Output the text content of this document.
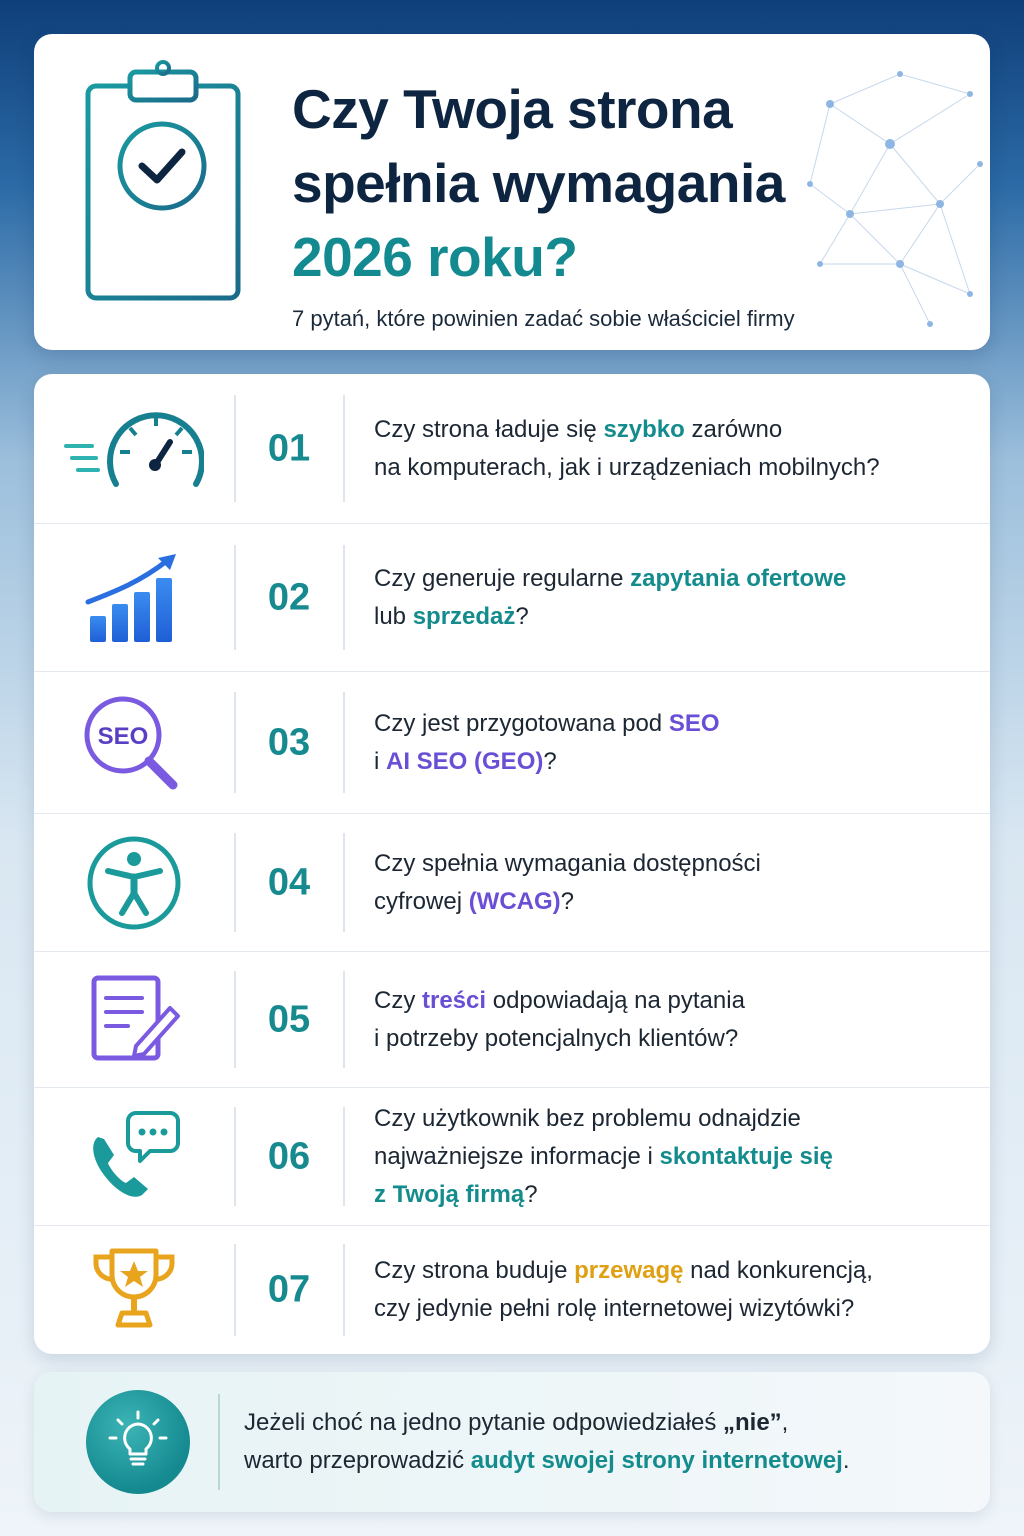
Czy Twoja strona
spełnia wymagania
2026 roku?
7 pytań, które powinien zadać sobie właściciel firmy
01	Czy strona ładuje się szybko zarówno
na komputerach, jak i urządzeniach mobilnych?
02	Czy generuje regularne zapytania ofertowe
lub sprzedaż?
SEO	03	Czy jest przygotowana pod SEO
i AI SEO (GEO)?
04	Czy spełnia wymagania dostępności
cyfrowej (WCAG)?
05	Czy treści odpowiadają na pytania
i potrzeby potencjalnych klientów?
06
Czy użytkownik bez problemu odnajdzie
najważniejsze informacje i skontaktuje się
z Twoją firmą?
07	Czy strona buduje przewagę nad konkurencją,
czy jedynie pełni rolę internetowej wizytówki?
Jeżeli choć na jedno pytanie odpowiedziałeś „nie”,
warto przeprowadzić audyt swojej strony internetowej.
